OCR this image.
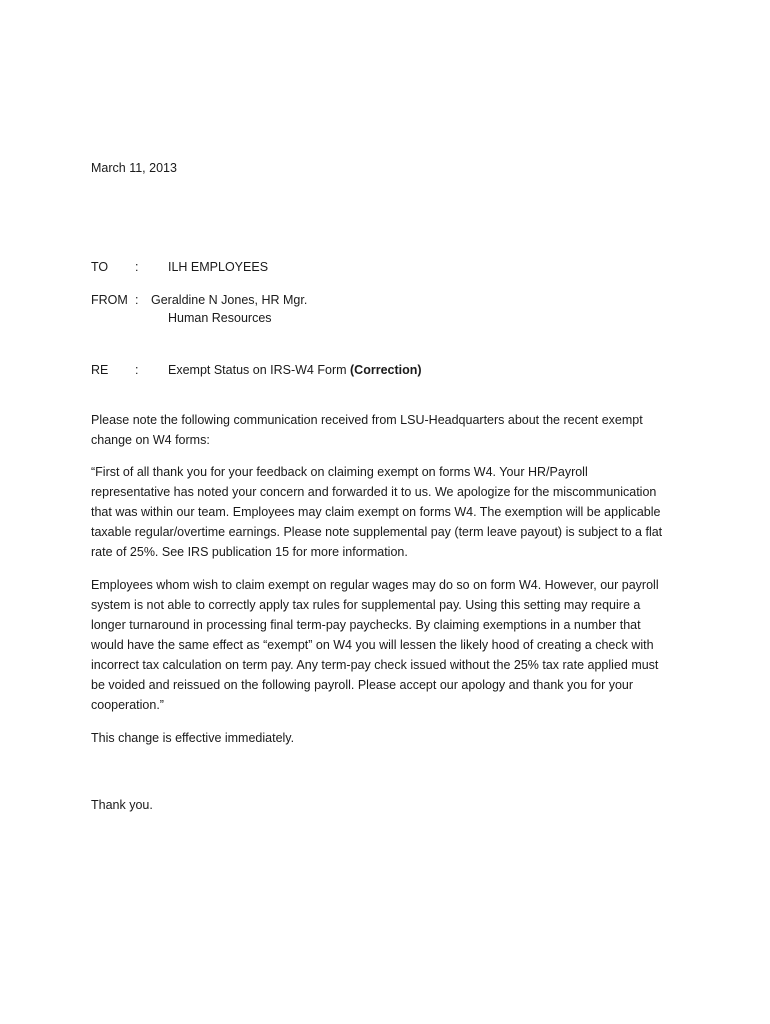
March 11, 2013
TO : ILH EMPLOYEES
FROM : Geraldine N Jones, HR Mgr.
Human Resources
RE : Exempt Status on IRS-W4 Form (Correction)
Please note the following communication received from LSU-Headquarters about the recent exempt
change on W4 forms:
“First of all thank you for your feedback on claiming exempt on forms W4. Your HR/Payroll
representative has noted your concern and forwarded it to us. We apologize for the miscommunication
that was within our team. Employees may claim exempt on forms W4. The exemption will be applicable
taxable regular/overtime earnings. Please note supplemental pay (term leave payout) is subject to a flat
rate of 25%. See IRS publication 15 for more information.
Employees whom wish to claim exempt on regular wages may do so on form W4. However, our payroll
system is not able to correctly apply tax rules for supplemental pay. Using this setting may require a
longer turnaround in processing final term-pay paychecks. By claiming exemptions in a number that
would have the same effect as “exempt” on W4 you will lessen the likely hood of creating a check with
incorrect tax calculation on term pay. Any term-pay check issued without the 25% tax rate applied must
be voided and reissued on the following payroll. Please accept our apology and thank you for your
cooperation.”
This change is effective immediately.
Thank you.
